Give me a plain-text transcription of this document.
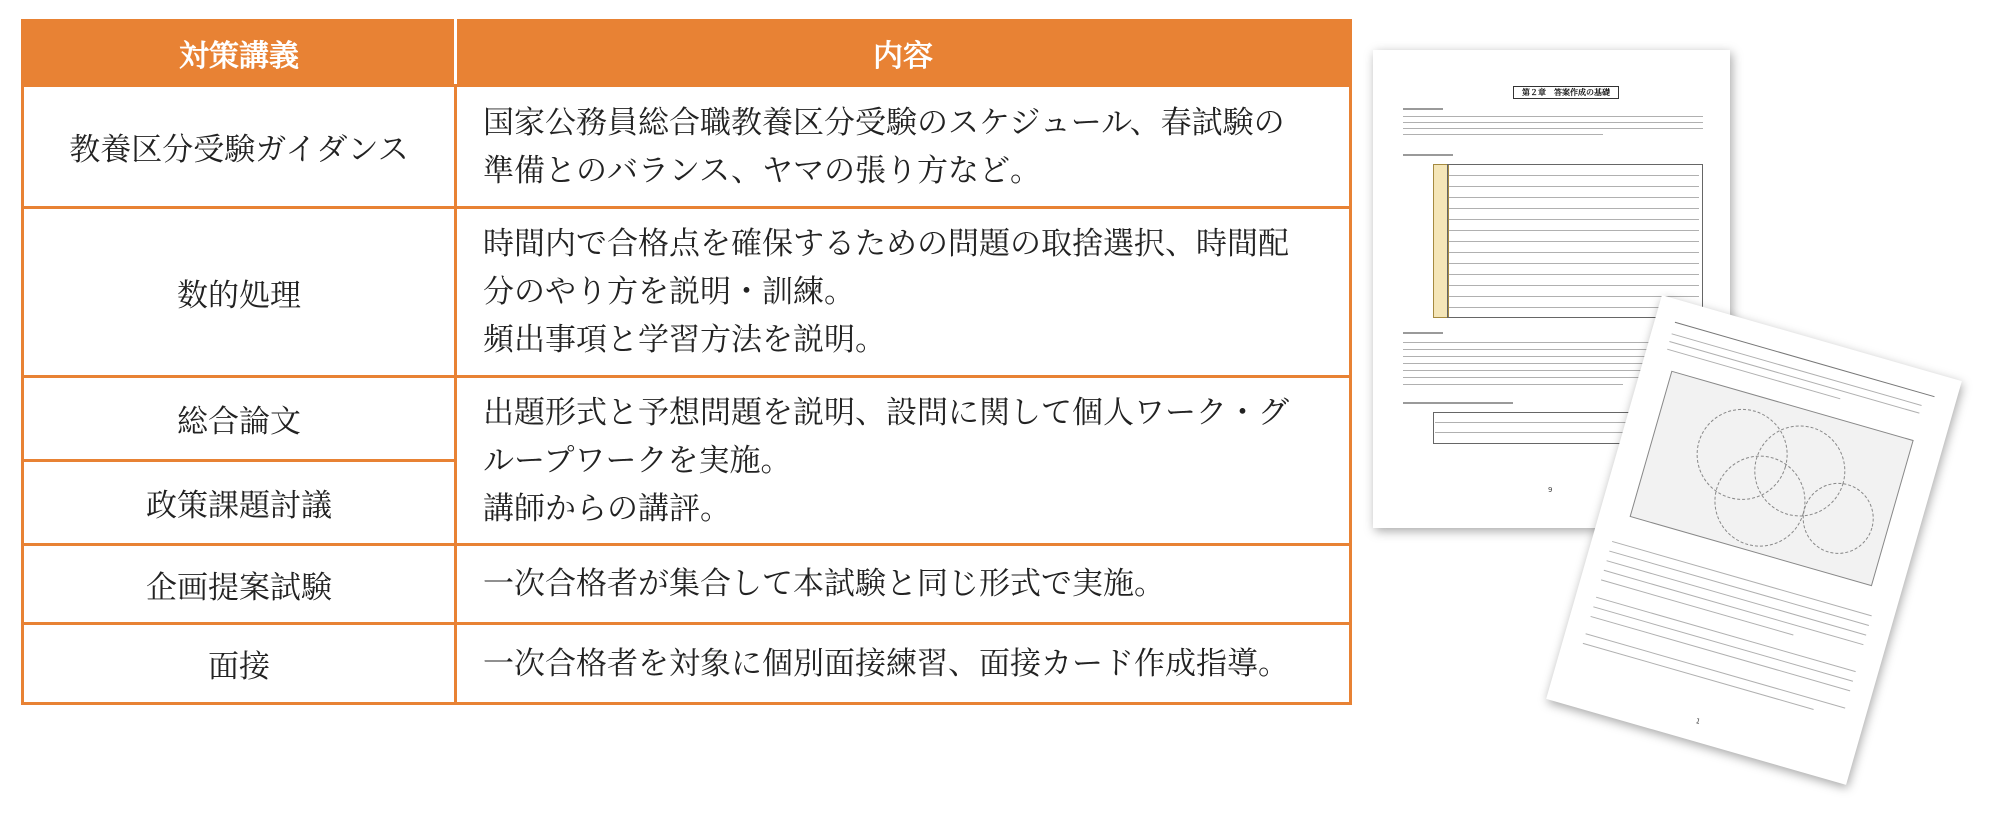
対策講義	内容
教養区分受験ガイダンス	国家公務員総合職教養区分受験のスケジュール、春試験の
準備とのバランス、ヤマの張り方など。

数的処理	時間内で合格点を確保するための問題の取捨選択、時間配
分のやり方を説明・訓練。
頻出事項と学習方法を説明。

総合論文	出題形式と予想問題を説明、設問に関して個人ワーク・グ
ループワークを実施。
講師からの講評。

政策課題討議	
企画提案試験	一次合格者が集合して本試験と同じ形式で実施。

面接	一次合格者を対象に個別面接練習、面接カード作成指導。
第２章　答案作成の基礎
9
1
